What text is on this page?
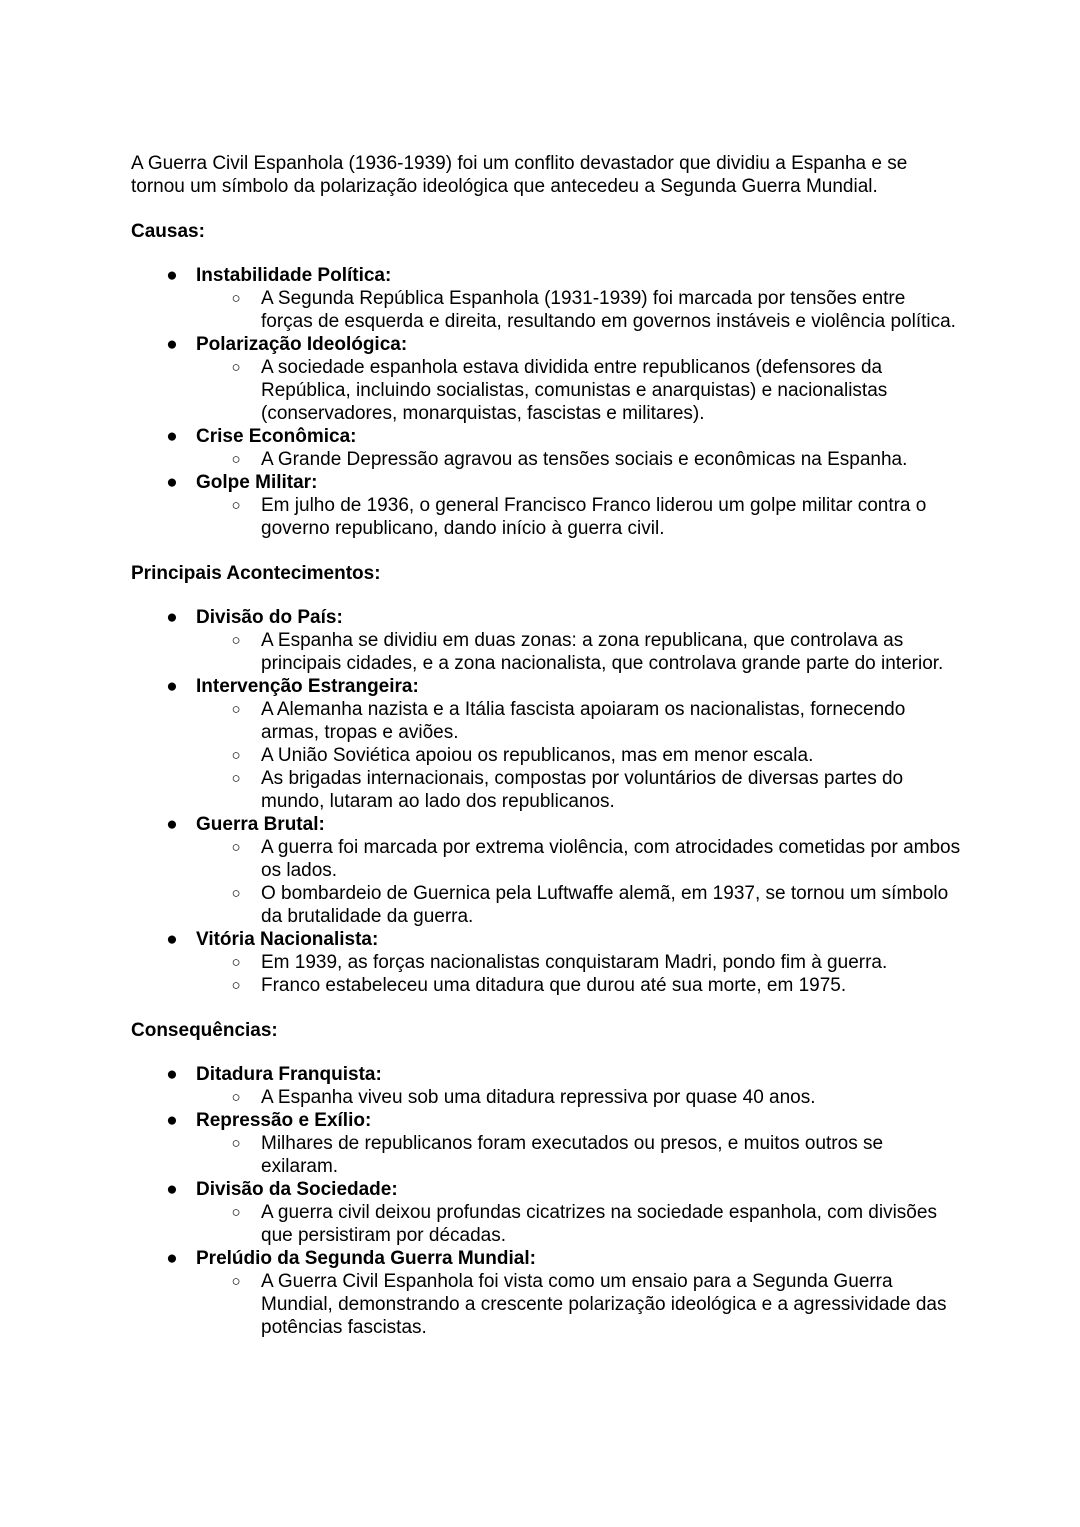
A Guerra Civil Espanhola (1936-1939) foi um conflito devastador que dividiu a Espanha e se tornou um símbolo da polarização ideológica que antecedeu a Segunda Guerra Mundial.

Causas:

● Instabilidade Política:
○ A Segunda República Espanhola (1931-1939) foi marcada por tensões entre forças de esquerda e direita, resultando em governos instáveis e violência política.
● Polarização Ideológica:
○ A sociedade espanhola estava dividida entre republicanos (defensores da República, incluindo socialistas, comunistas e anarquistas) e nacionalistas (conservadores, monarquistas, fascistas e militares).
● Crise Econômica:
○ A Grande Depressão agravou as tensões sociais e econômicas na Espanha.
● Golpe Militar:
○ Em julho de 1936, o general Francisco Franco liderou um golpe militar contra o governo republicano, dando início à guerra civil.

Principais Acontecimentos:

● Divisão do País:
○ A Espanha se dividiu em duas zonas: a zona republicana, que controlava as principais cidades, e a zona nacionalista, que controlava grande parte do interior.
● Intervenção Estrangeira:
○ A Alemanha nazista e a Itália fascista apoiaram os nacionalistas, fornecendo armas, tropas e aviões.
○ A União Soviética apoiou os republicanos, mas em menor escala.
○ As brigadas internacionais, compostas por voluntários de diversas partes do mundo, lutaram ao lado dos republicanos.
● Guerra Brutal:
○ A guerra foi marcada por extrema violência, com atrocidades cometidas por ambos os lados.
○ O bombardeio de Guernica pela Luftwaffe alemã, em 1937, se tornou um símbolo da brutalidade da guerra.
● Vitória Nacionalista:
○ Em 1939, as forças nacionalistas conquistaram Madri, pondo fim à guerra.
○ Franco estabeleceu uma ditadura que durou até sua morte, em 1975.

Consequências:

● Ditadura Franquista:
○ A Espanha viveu sob uma ditadura repressiva por quase 40 anos.
● Repressão e Exílio:
○ Milhares de republicanos foram executados ou presos, e muitos outros se exilaram.
● Divisão da Sociedade:
○ A guerra civil deixou profundas cicatrizes na sociedade espanhola, com divisões que persistiram por décadas.
● Prelúdio da Segunda Guerra Mundial:
○ A Guerra Civil Espanhola foi vista como um ensaio para a Segunda Guerra Mundial, demonstrando a crescente polarização ideológica e a agressividade das potências fascistas.
